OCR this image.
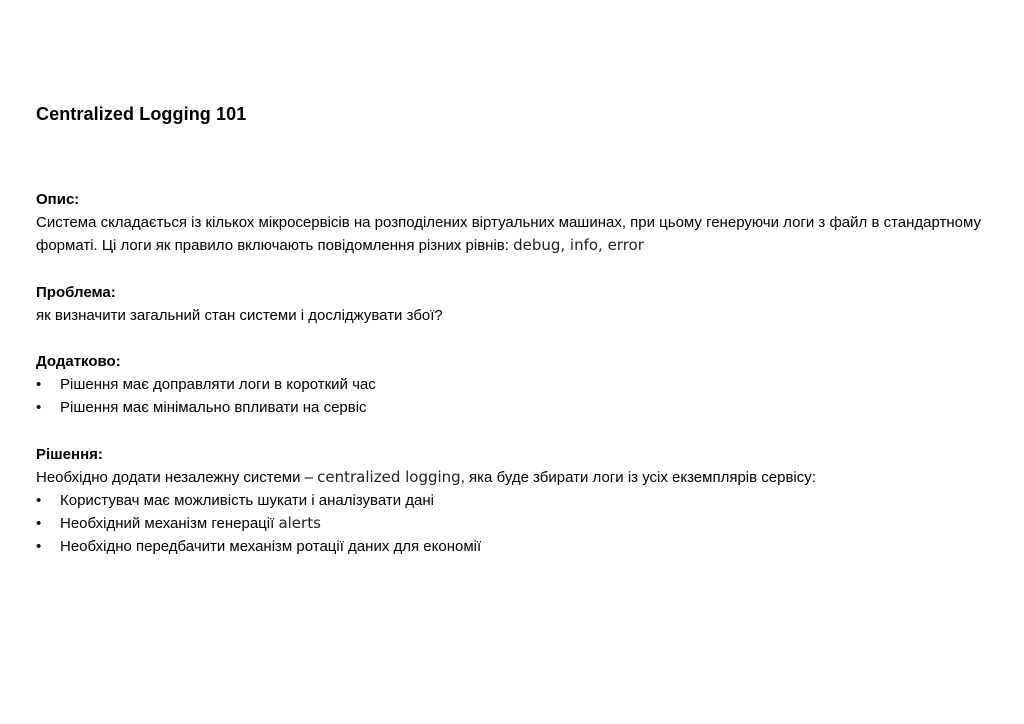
Centralized Logging 101
Опис:
Система складається із кількох мікросервісів на розподілених віртуальних машинах, при цьому генеруючи логи з файл в стандартному форматі. Ці логи як правило включають повідомлення різних рівнів: debug, info, error
Проблема:
як визначити загальний стан системи і досліджувати збої?
Додатково:
•	Рішення має доправляти логи в короткий час
•	Рішення має мінімально впливати на сервіс
Рішення:
Необхідно додати незалежну системи – centralized logging, яка буде збирати логи із усіх екземплярів сервісу:
•	Користувач має можливість шукати і аналізувати дані
•	Необхідний механізм генерації alerts
•	Необхідно передбачити механізм ротації даних для економії
